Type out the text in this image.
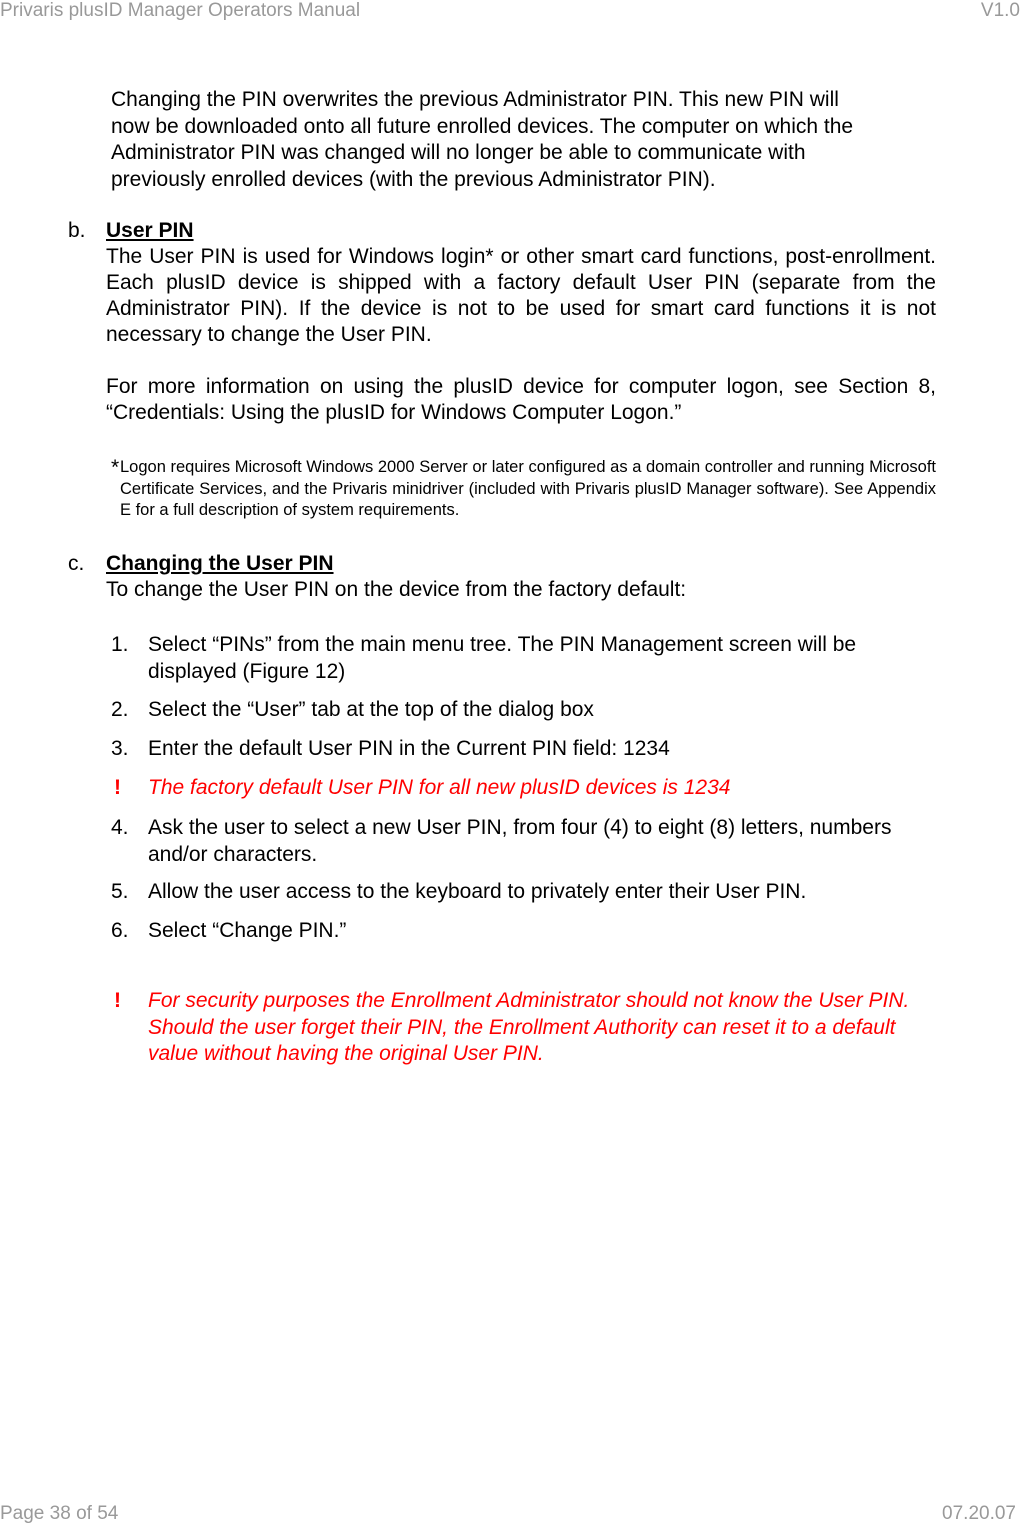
Privaris plusID Manager Operators Manual	V1.0

Changing the PIN overwrites the previous Administrator PIN. This new PIN will

now be downloaded onto all future enrolled devices. The computer on which the

Administrator PIN was changed will no longer be able to communicate with

previously enrolled devices (with the previous Administrator PIN).

b. User PIN

The User PIN is used for Windows login* or other smart card functions, post-enrollment. Each plusID device is shipped with a factory default User PIN (separate from the Administrator PIN). If the device is not to be used for smart card functions it is not necessary to change the User PIN.

For more information on using the plusID device for computer logon, see Section 8, “Credentials: Using the plusID for Windows Computer Logon.”

* Logon requires Microsoft Windows 2000 Server or later configured as a domain controller and running Microsoft Certificate Services, and the Privaris minidriver (included with Privaris plusID Manager software). See Appendix E for a full description of system requirements.
c. Changing the User PIN
To change the User PIN on the device from the factory default:
1. Select “PINs” from the main menu tree. The PIN Management screen will be displayed (Figure 12)
2. Select the “User” tab at the top of the dialog box
3. Enter the default User PIN in the Current PIN field: 1234
! The factory default User PIN for all new plusID devices is 1234
4. Ask the user to select a new User PIN, from four (4) to eight (8) letters, numbers and/or characters.
5. Allow the user access to the keyboard to privately enter their User PIN.
6. Select “Change PIN.”
! For security purposes the Enrollment Administrator should not know the User PIN. Should the user forget their PIN, the Enrollment Authority can reset it to a default value without having the original User PIN.
Page 38 of 54	07.20.07
